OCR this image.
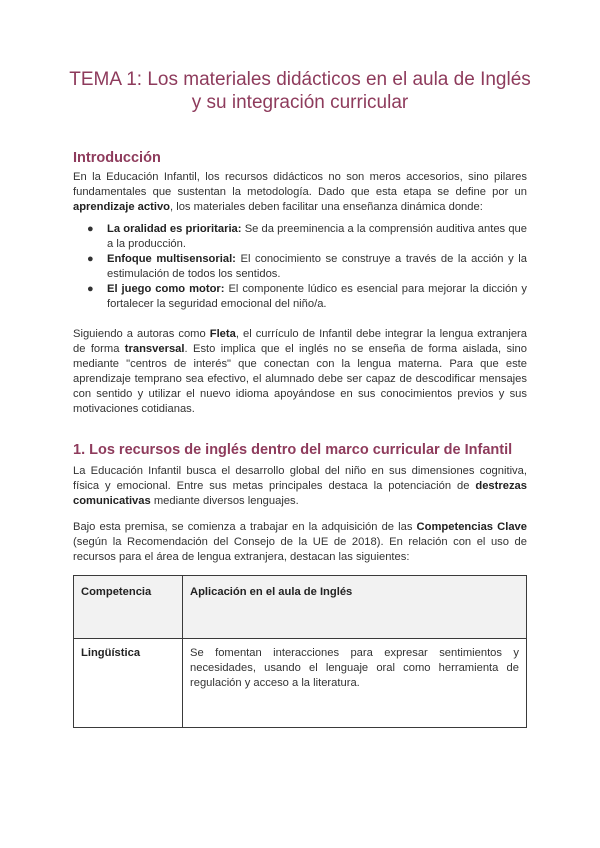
TEMA 1: Los materiales didácticos en el aula de Inglés
y su integración curricular
Introducción

En la Educación Infantil, los recursos didácticos no son meros accesorios, sino pilares fundamentales que sustentan la metodología. Dado que esta etapa se define por un aprendizaje activo, los materiales deben facilitar una enseñanza dinámica donde:

● La oralidad es prioritaria: Se da preeminencia a la comprensión auditiva antes que a la producción.
● Enfoque multisensorial: El conocimiento se construye a través de la acción y la estimulación de todos los sentidos.
● El juego como motor: El componente lúdico es esencial para mejorar la dicción y fortalecer la seguridad emocional del niño/a.

Siguiendo a autoras como Fleta, el currículo de Infantil debe integrar la lengua extranjera de forma transversal. Esto implica que el inglés no se enseña de forma aislada, sino mediante "centros de interés" que conectan con la lengua materna. Para que este aprendizaje temprano sea efectivo, el alumnado debe ser capaz de descodificar mensajes con sentido y utilizar el nuevo idioma apoyándose en sus conocimientos previos y sus motivaciones cotidianas.

1. Los recursos de inglés dentro del marco curricular de Infantil

La Educación Infantil busca el desarrollo global del niño en sus dimensiones cognitiva, física y emocional. Entre sus metas principales destaca la potenciación de destrezas comunicativas mediante diversos lenguajes.

Bajo esta premisa, se comienza a trabajar en la adquisición de las Competencias Clave (según la Recomendación del Consejo de la UE de 2018). En relación con el uso de recursos para el área de lengua extranjera, destacan las siguientes:

Competencia	Aplicación en el aula de Inglés
Lingüística	Se fomentan interacciones para expresar sentimientos y necesidades, usando el lenguaje oral como herramienta de regulación y acceso a la literatura.
